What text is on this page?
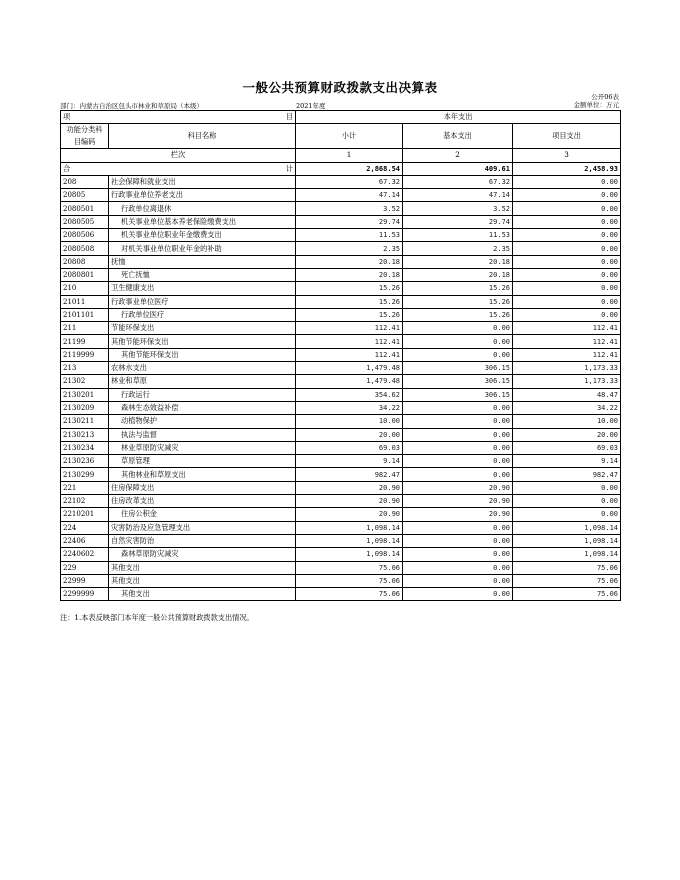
一般公共预算财政拨款支出决算表
公开06表
部门：内蒙古自治区包头市林业和草原局（本级）	2021年度	金额单位：万元
项 目		本年支出		
功能分类科目编码	科目名称	小计	基本支出	项目支出
栏次		1	2	3

合 计		2,868.54	409.61	2,458.93
208	社会保障和就业支出	67.32	67.32	0.00
20805	行政事业单位养老支出	47.14	47.14	0.00
2080501	行政单位离退休	3.52	3.52	0.00
2080505	机关事业单位基本养老保险缴费支出	29.74	29.74	0.00
2080506	机关事业单位职业年金缴费支出	11.53	11.53	0.00
2080508	对机关事业单位职业年金的补助	2.35	2.35	0.00
20808	抚恤	20.18	20.18	0.00
2080801	死亡抚恤	20.18	20.18	0.00
210	卫生健康支出	15.26	15.26	0.00
21011	行政事业单位医疗	15.26	15.26	0.00
2101101	行政单位医疗	15.26	15.26	0.00
211	节能环保支出	112.41	0.00	112.41
21199	其他节能环保支出	112.41	0.00	112.41
2119999	其他节能环保支出	112.41	0.00	112.41
213	农林水支出	1,479.48	306.15	1,173.33
21302	林业和草原	1,479.48	306.15	1,173.33
2130201	行政运行	354.62	306.15	48.47
2130209	森林生态效益补偿	34.22	0.00	34.22
2130211	动植物保护	10.00	0.00	10.00
2130213	执法与监督	20.00	0.00	20.00
2130234	林业草原防灾减灾	69.03	0.00	69.03
2130236	草原管理	9.14	0.00	9.14
2130299	其他林业和草原支出	982.47	0.00	982.47
221	住房保障支出	20.90	20.90	0.00
22102	住房改革支出	20.90	20.90	0.00
2210201	住房公积金	20.90	20.90	0.00
224	灾害防治及应急管理支出	1,098.14	0.00	1,098.14
22406	自然灾害防治	1,098.14	0.00	1,098.14
2240602	森林草原防灾减灾	1,098.14	0.00	1,098.14
229	其他支出	75.06	0.00	75.06
22999	其他支出	75.06	0.00	75.06
2299999	其他支出	75.06	0.00	75.06
注：1.本表反映部门本年度一般公共预算财政拨款支出情况。
